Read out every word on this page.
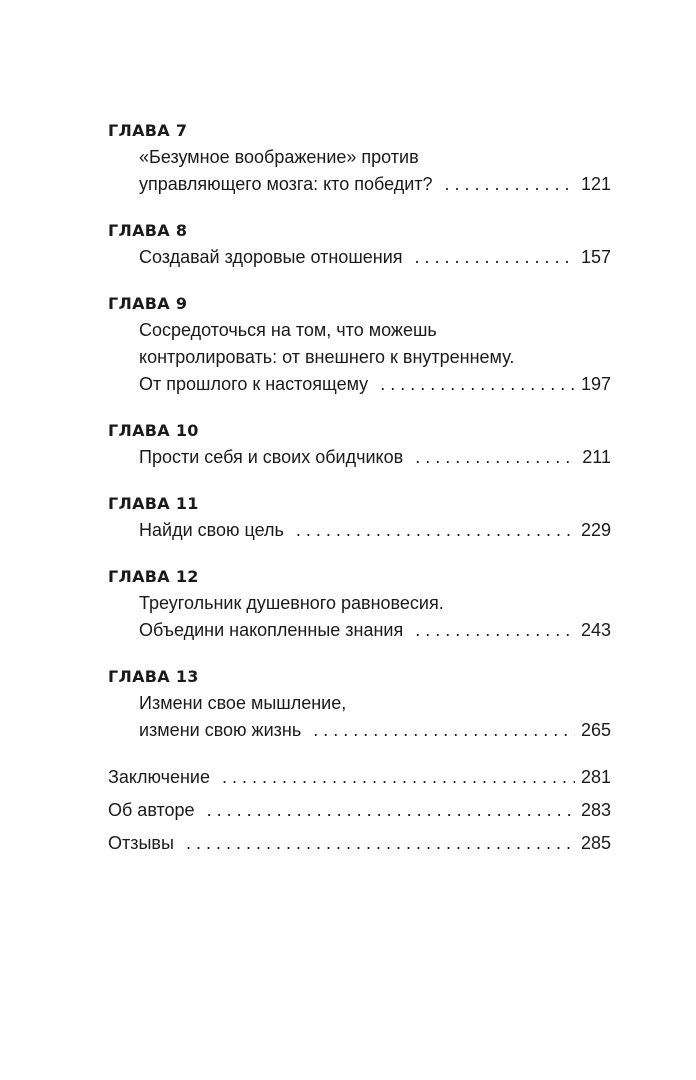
ГЛАВА 7
«Безумное воображение» против
управляющего мозга: кто победит? . . .	121
ГЛАВА 8
Создавай здоровые отношения . . .	157
ГЛАВА 9
Сосредоточься на том, что можешь
контролировать: от внешнего к внутреннему.
От прошлого к настоящему . . .	197
ГЛАВА 10
Прости себя и своих обидчиков . . .	211
ГЛАВА 11
Найди свою цель . . .	229
ГЛАВА 12
Треугольник душевного равновесия.
Объедини накопленные знания . . .	243
ГЛАВА 13
Измени свое мышление,
измени свою жизнь . . .	265
Заключение . . .	281
Об авторе . . .	283
Отзывы . . .	285
